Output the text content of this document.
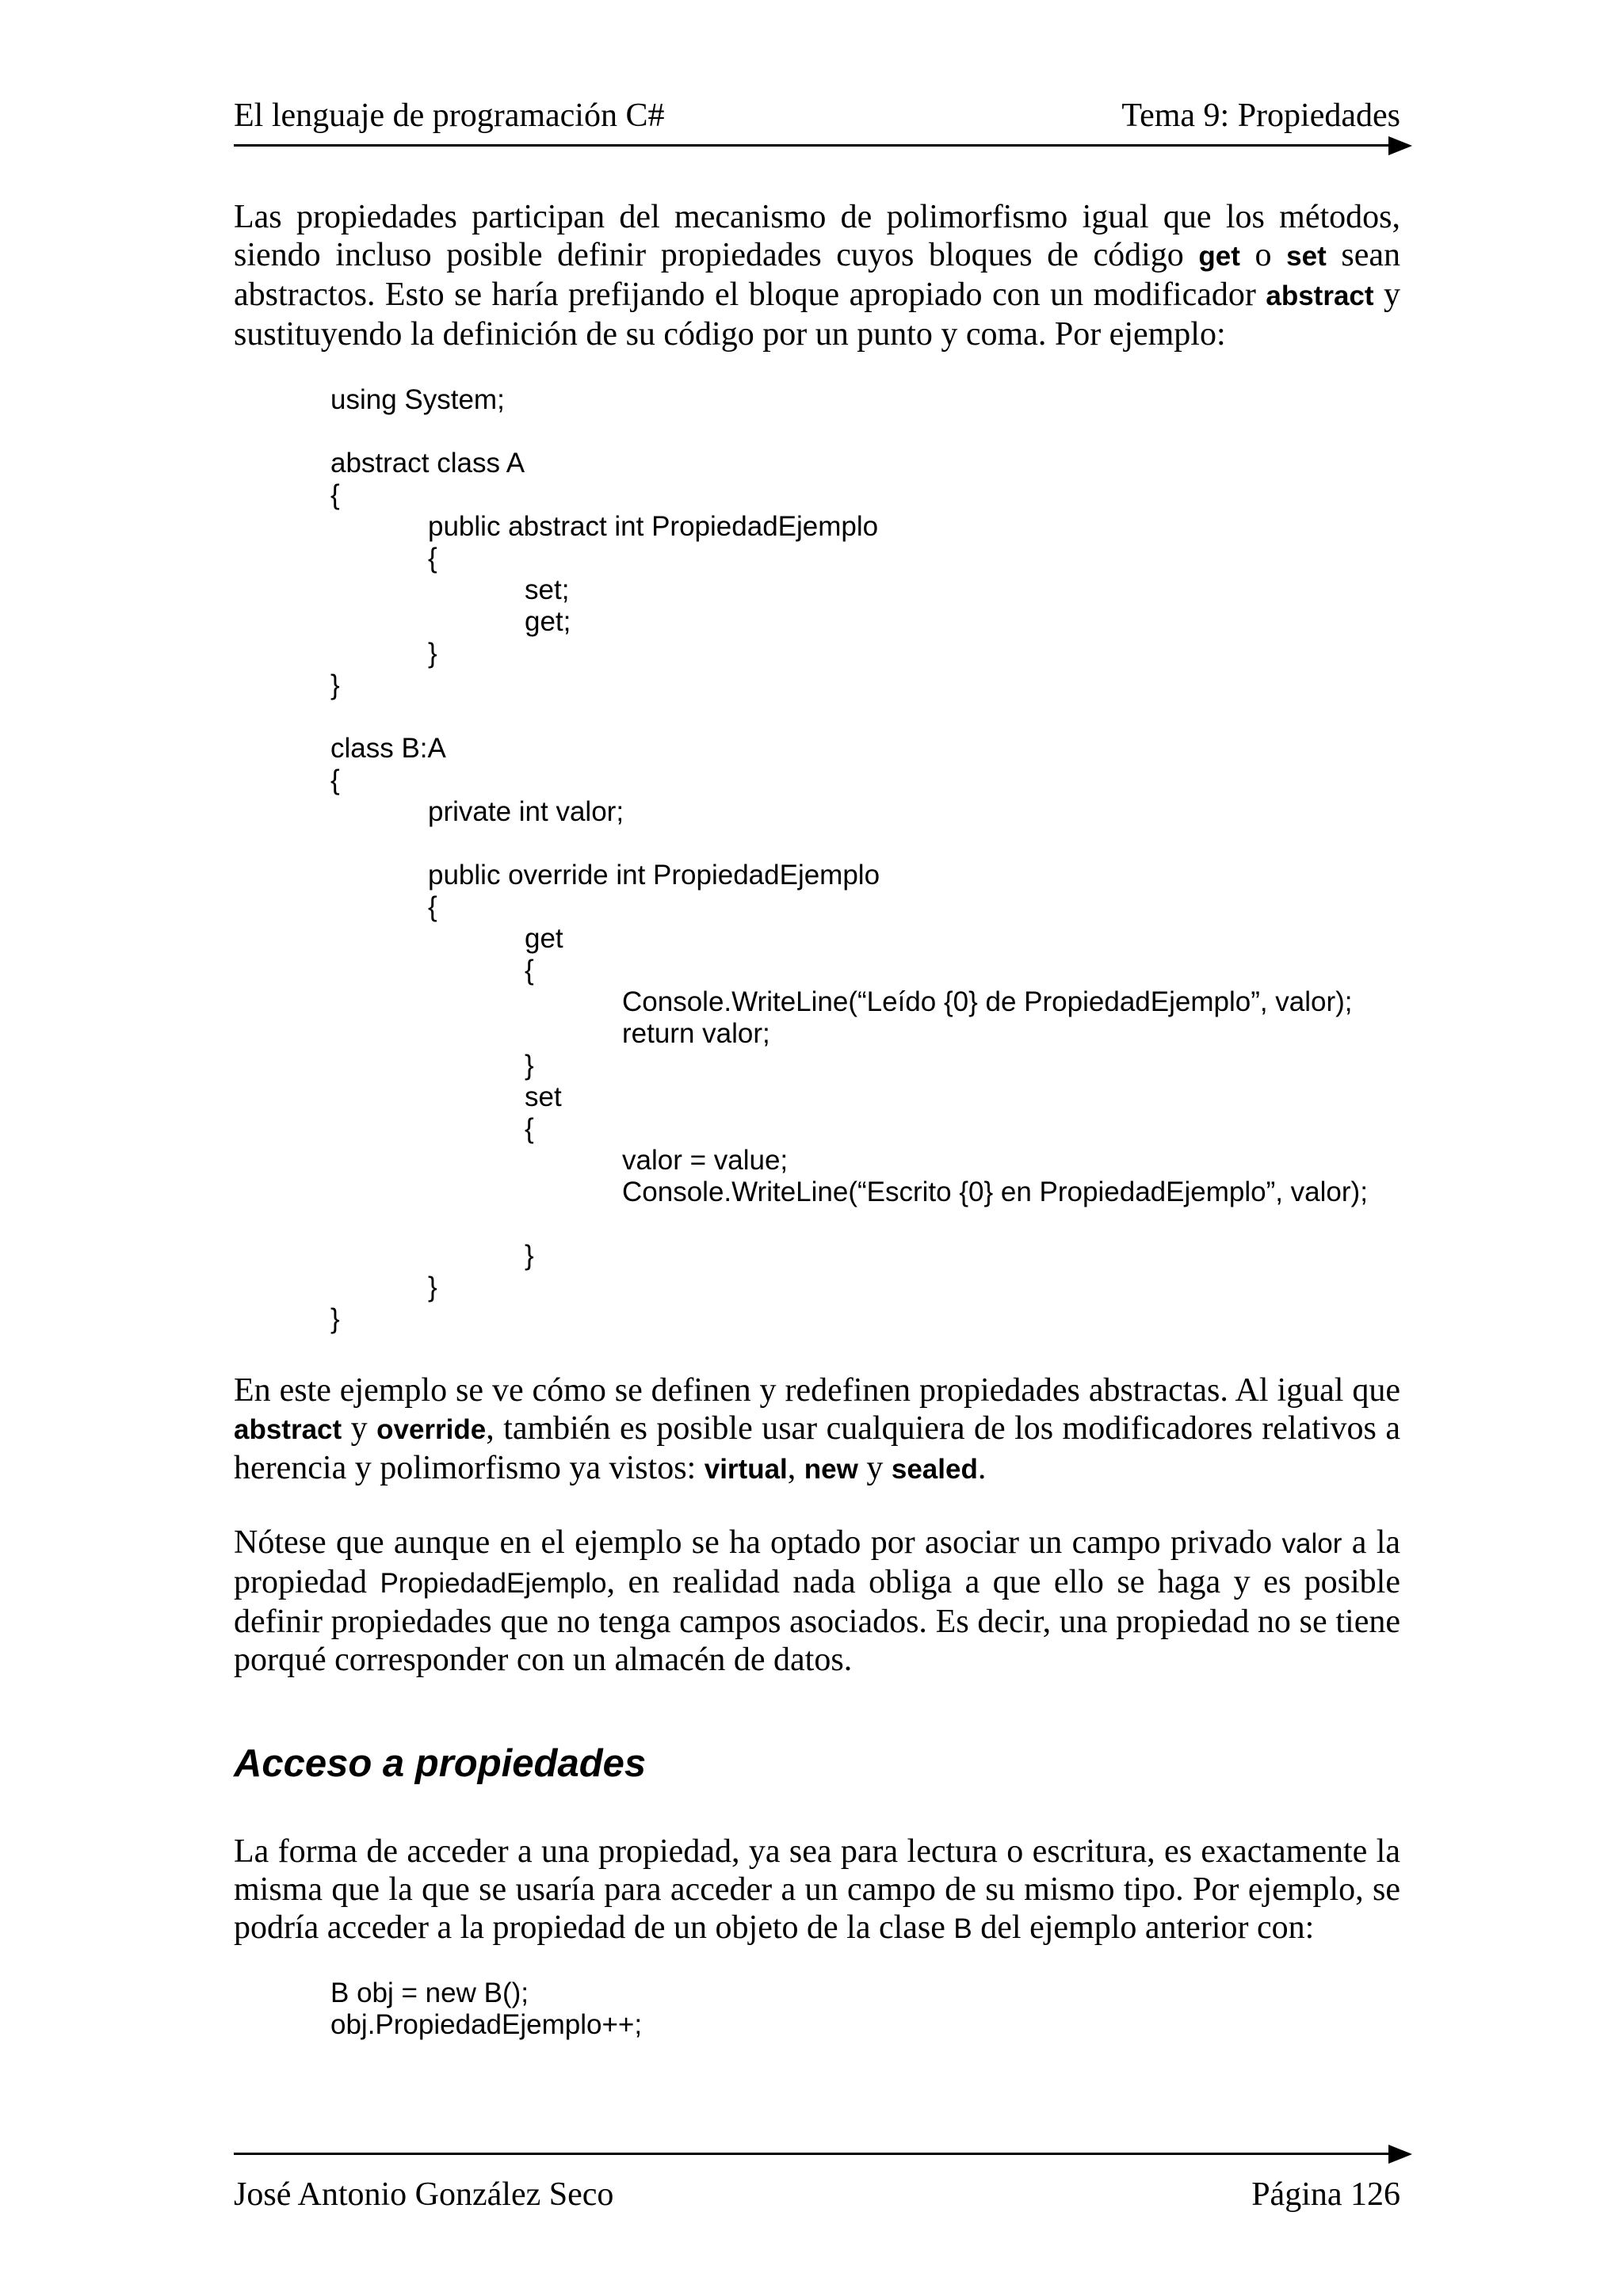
El lenguaje de programación C#	Tema 9: Propiedades
Las propiedades participan del mecanismo de polimorfismo igual que los métodos, siendo incluso posible definir propiedades cuyos bloques de código get o set sean abstractos. Esto se haría prefijando el bloque apropiado con un modificador abstract y sustituyendo la definición de su código por un punto y coma. Por ejemplo:
using System;
abstract class A
{
public abstract int PropiedadEjemplo
{
set;
get;
}
}
class B:A
{
private int valor;
public override int PropiedadEjemplo
{
get
{
Console.WriteLine(“Leído {0} de PropiedadEjemplo”, valor);
return valor;
}
set
{
valor = value;
Console.WriteLine(“Escrito {0} en PropiedadEjemplo”, valor);
}
}
}
En este ejemplo se ve cómo se definen y redefinen propiedades abstractas. Al igual que abstract y override, también es posible usar cualquiera de los modificadores relativos a herencia y polimorfismo ya vistos: virtual, new y sealed.
Nótese que aunque en el ejemplo se ha optado por asociar un campo privado valor a la propiedad PropiedadEjemplo, en realidad nada obliga a que ello se haga y es posible definir propiedades que no tenga campos asociados. Es decir, una propiedad no se tiene porqué corresponder con un almacén de datos.
Acceso a propiedades
La forma de acceder a una propiedad, ya sea para lectura o escritura, es exactamente la misma que la que se usaría para acceder a un campo de su mismo tipo. Por ejemplo, se podría acceder a la propiedad de un objeto de la clase B del ejemplo anterior con:
B obj = new B();
obj.PropiedadEjemplo++;
José Antonio González Seco	Página 126
